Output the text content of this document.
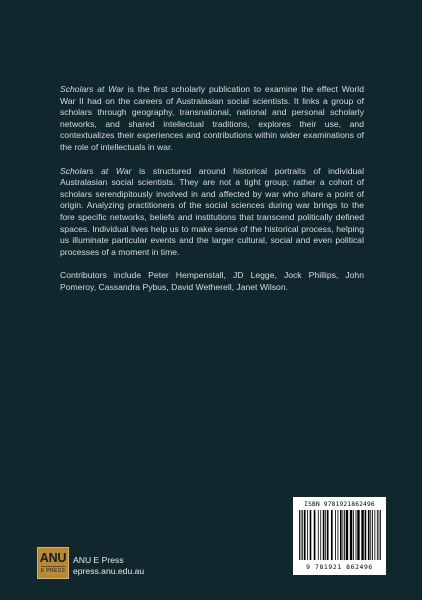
Scholars at War is the first scholarly publication to examine the effect World War II had on the careers of Australasian social scientists. It links a group of scholars through geography, transnational, national and personal scholarly networks, and shared intellectual traditions, explores their use, and contextualizes their experiences and contributions within wider examinations of the role of intellectuals in war.

Scholars at War is structured around historical portraits of individual Australasian social scientists. They are not a tight group; rather a cohort of scholars serendipitously involved in and affected by war who share a point of origin. Analyzing practitioners of the social sciences during war brings to the fore specific networks, beliefs and institutions that transcend politically defined spaces. Individual lives help us to make sense of the historical process, helping us illuminate particular events and the larger cultural, social and even political processes of a moment in time.

Contributors include Peter Hempenstall, JD Legge, Jock Phillips, John Pomeroy, Cassandra Pybus, David Wetherell, Janet Wilson.

ISBN 9781921862496
9 781921 862496
ANU
E PRESS
ANU E Press
epress.anu.edu.au
